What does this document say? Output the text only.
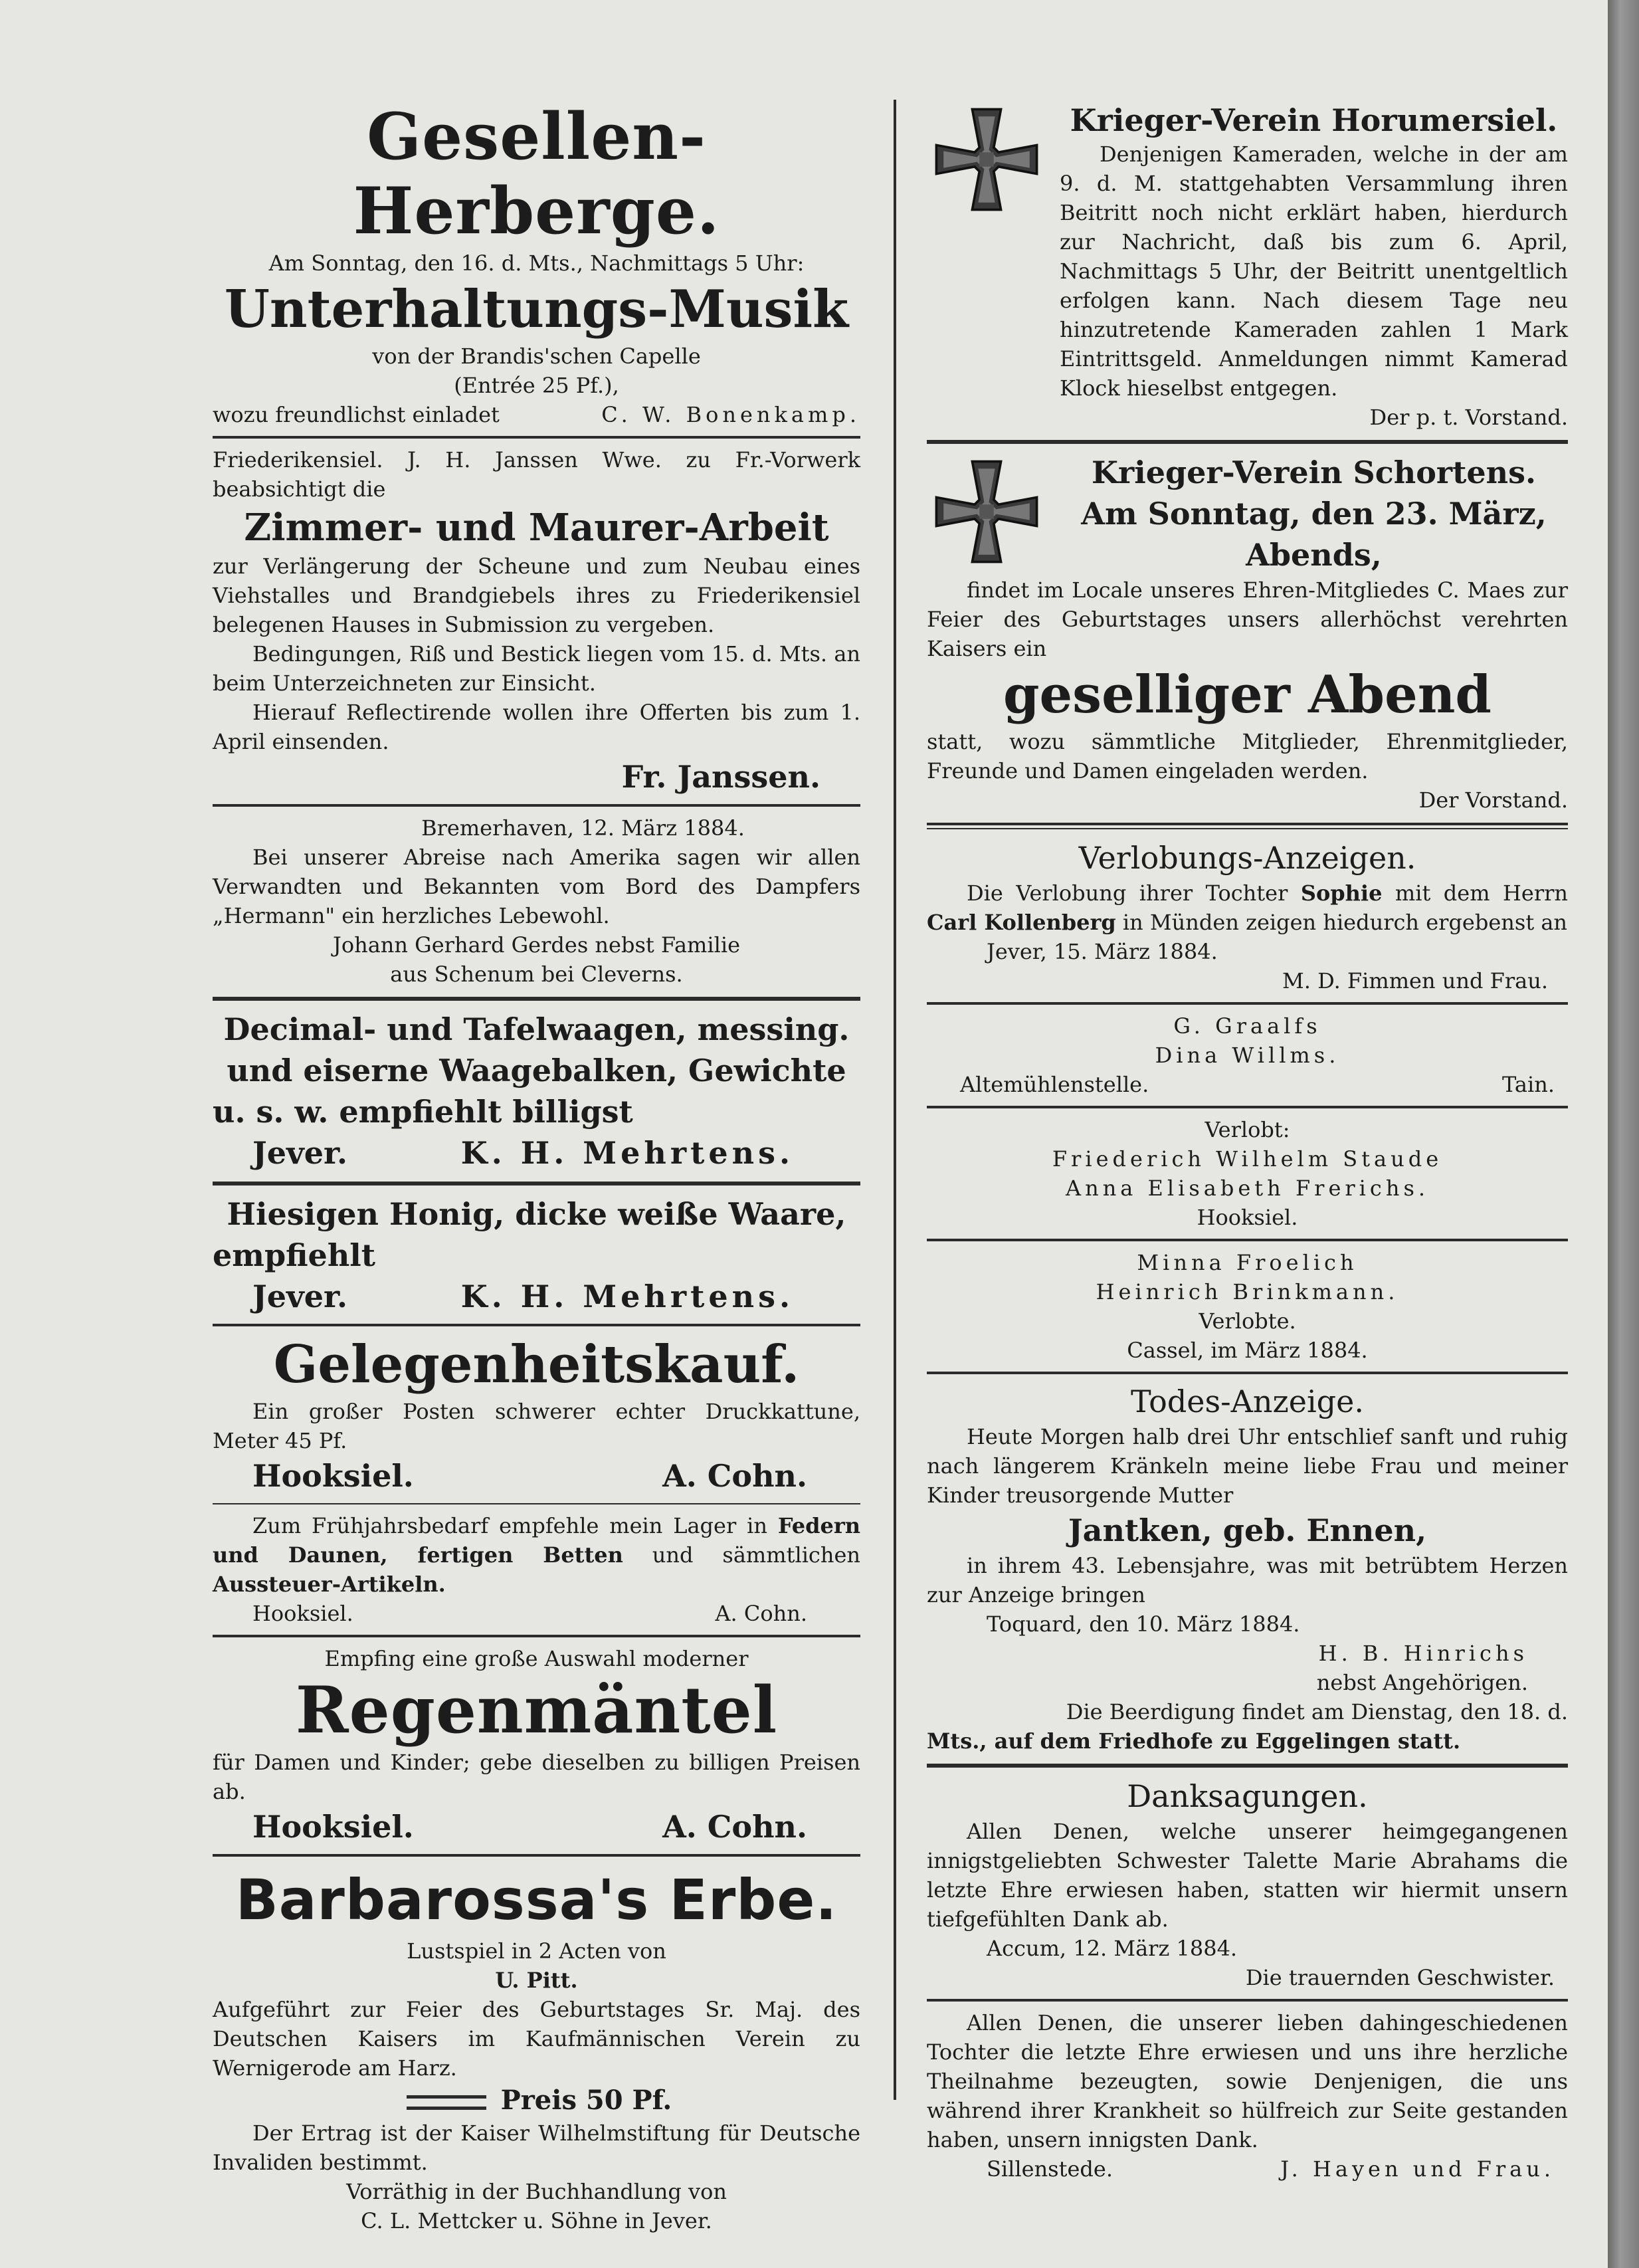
Gesellen-Herberge.

Am Sonntag, den 16. d. Mts., Nachmittags 5 Uhr:

Unterhaltungs-Musik

von der Brandis'schen Capelle

(Entrée 25 Pf.),

wozu freundlichst einladet	C. W. Bonenkamp.

Friederikensiel. J. H. Janssen Wwe. zu Fr.-Vorwerk beabsichtigt die

Zimmer- und Maurer-Arbeit

zur Verlängerung der Scheune und zum Neubau eines Viehstalles und Brandgiebels ihres zu Friederikensiel belegenen Hauses in Submission zu vergeben.

Bedingungen, Riß und Bestick liegen vom 15. d. Mts. an beim Unterzeichneten zur Einsicht.

Hierauf Reflectirende wollen ihre Offerten bis zum 1. April einsenden.

Fr. Janssen.

Bremerhaven, 12. März 1884.

Bei unserer Abreise nach Amerika sagen wir allen Verwandten und Bekannten vom Bord des Dampfers „Hermann" ein herzliches Lebewohl.

Johann Gerhard Gerdes nebst Familie

aus Schenum bei Cleverns.

Decimal- und Tafelwaagen, messing.

und eiserne Waagebalken, Gewichte

u. s. w. empfiehlt billigst

Jever.	K. H. Mehrtens.

Hiesigen Honig, dicke weiße Waare,

empfiehlt

Jever.	K. H. Mehrtens.

Gelegenheitskauf.

Ein großer Posten schwerer echter Druckkattune, Meter 45 Pf.

Hooksiel.	A. Cohn.

Zum Frühjahrsbedarf empfehle mein Lager in Federn und Daunen, fertigen Betten und sämmtlichen Aussteuer-Artikeln.

Hooksiel.	A. Cohn.

Empfing eine große Auswahl moderner

Regenmäntel

für Damen und Kinder; gebe dieselben zu billigen Preisen ab.

Hooksiel.	A. Cohn.

Barbarossa's Erbe.

Lustspiel in 2 Acten von

U. Pitt.

Aufgeführt zur Feier des Geburtstages Sr. Maj. des Deutschen Kaisers im Kaufmännischen Verein zu Wernigerode am Harz.

Preis 50 Pf.

Der Ertrag ist der Kaiser Wilhelmstiftung für Deutsche Invaliden bestimmt.

Vorräthig in der Buchhandlung von

C. L. Mettcker u. Söhne in Jever.

Krieger-Verein Horumersiel.

Denjenigen Kameraden, welche in der am 9. d. M. stattgehabten Versammlung ihren Beitritt noch nicht erklärt haben, hierdurch zur Nachricht, daß bis zum 6. April, Nachmittags 5 Uhr, der Beitritt unentgeltlich erfolgen kann. Nach diesem Tage neu hinzutretende Kameraden zahlen 1 Mark Eintrittsgeld. Anmeldungen nimmt Kamerad Klock hieselbst entgegen.

Der p. t. Vorstand.

Krieger-Verein Schortens.

Am Sonntag, den 23. März,

Abends,

findet im Locale unseres Ehren-Mitgliedes C. Maes zur Feier des Geburtstages unsers allerhöchst verehrten Kaisers ein

geselliger Abend

statt, wozu sämmtliche Mitglieder, Ehrenmitglieder, Freunde und Damen eingeladen werden.

Der Vorstand.

Verlobungs-Anzeigen.

Die Verlobung ihrer Tochter Sophie mit dem Herrn Carl Kollenberg in Münden zeigen hiedurch ergebenst an

Jever, 15. März 1884.

M. D. Fimmen und Frau.

G. Graalfs

Dina Willms.

Altemühlenstelle.	Tain.

Verlobt:

Friederich Wilhelm Staude

Anna Elisabeth Frerichs.

Hooksiel.

Minna Froelich

Heinrich Brinkmann.

Verlobte.

Cassel, im März 1884.

Todes-Anzeige.

Heute Morgen halb drei Uhr entschlief sanft und ruhig nach längerem Kränkeln meine liebe Frau und meiner Kinder treusorgende Mutter

Jantken, geb. Ennen,

in ihrem 43. Lebensjahre, was mit betrübtem Herzen zur Anzeige bringen

Toquard, den 10. März 1884.

H. B. Hinrichs

nebst Angehörigen.

Die Beerdigung findet am Dienstag, den 18. d.

Mts., auf dem Friedhofe zu Eggelingen statt.

Danksagungen.

Allen Denen, welche unserer heimgegangenen innigstgeliebten Schwester Talette Marie Abrahams die letzte Ehre erwiesen haben, statten wir hiermit unsern tiefgefühlten Dank ab.

Accum, 12. März 1884.

Die trauernden Geschwister.

Allen Denen, die unserer lieben dahingeschiedenen Tochter die letzte Ehre erwiesen und uns ihre herzliche Theilnahme bezeugten, sowie Denjenigen, die uns während ihrer Krankheit so hülfreich zur Seite gestanden haben, unsern innigsten Dank.

Sillenstede.	J. Hayen und Frau.
